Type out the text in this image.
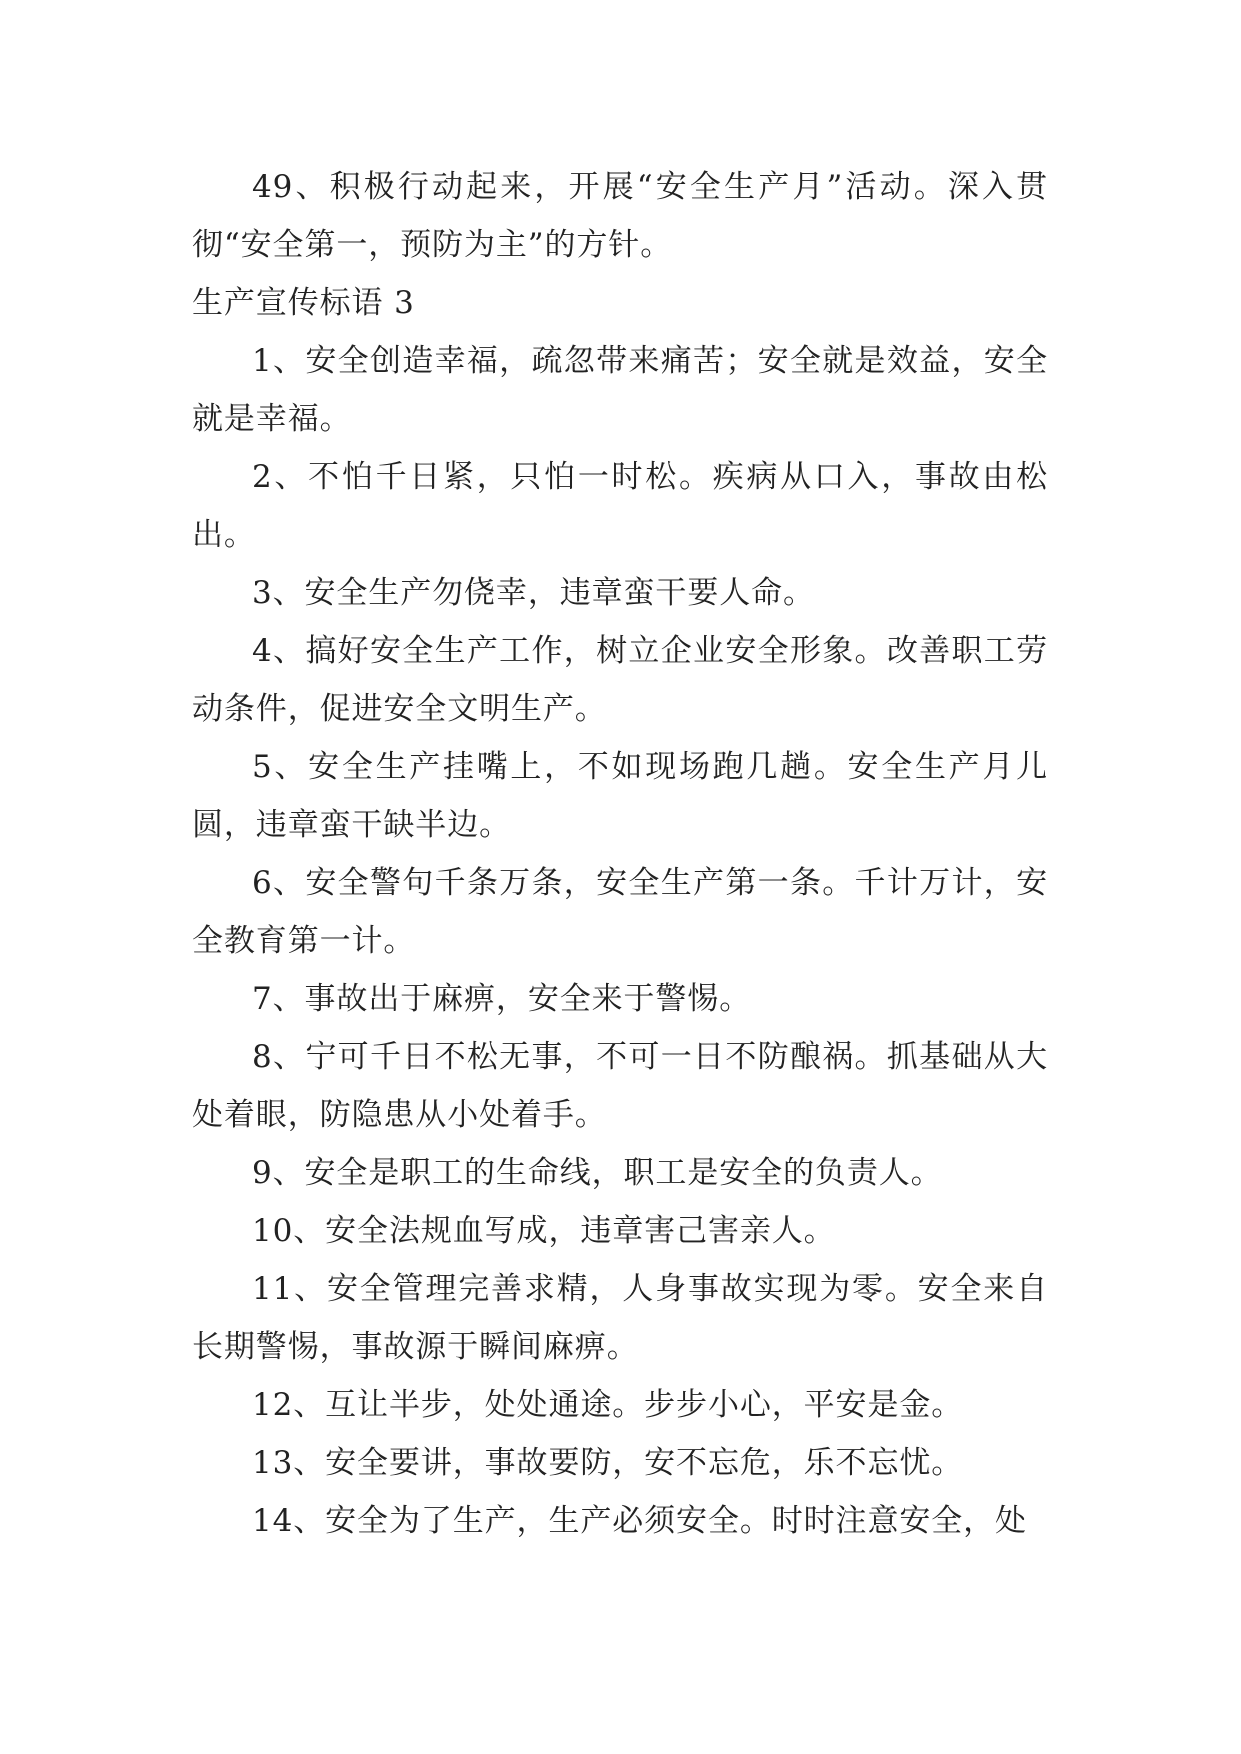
49、积极行动起来，开展“安全生产月”活动。深入贯彻“安全第一，预防为主”的方针。

生产宣传标语 3

1、安全创造幸福，疏忽带来痛苦；安全就是效益，安全就是幸福。

2、不怕千日紧，只怕一时松。疾病从口入，事故由松出。

3、安全生产勿侥幸，违章蛮干要人命。

4、搞好安全生产工作，树立企业安全形象。改善职工劳动条件，促进安全文明生产。

5、安全生产挂嘴上，不如现场跑几趟。安全生产月儿圆，违章蛮干缺半边。

6、安全警句千条万条，安全生产第一条。千计万计，安全教育第一计。

7、事故出于麻痹，安全来于警惕。

8、宁可千日不松无事，不可一日不防酿祸。抓基础从大处着眼，防隐患从小处着手。

9、安全是职工的生命线，职工是安全的负责人。

10、安全法规血写成，违章害己害亲人。

11、安全管理完善求精，人身事故实现为零。安全来自长期警惕，事故源于瞬间麻痹。

12、互让半步，处处通途。步步小心，平安是金。

13、安全要讲，事故要防，安不忘危，乐不忘忧。

14、安全为了生产，生产必须安全。时时注意安全，处
